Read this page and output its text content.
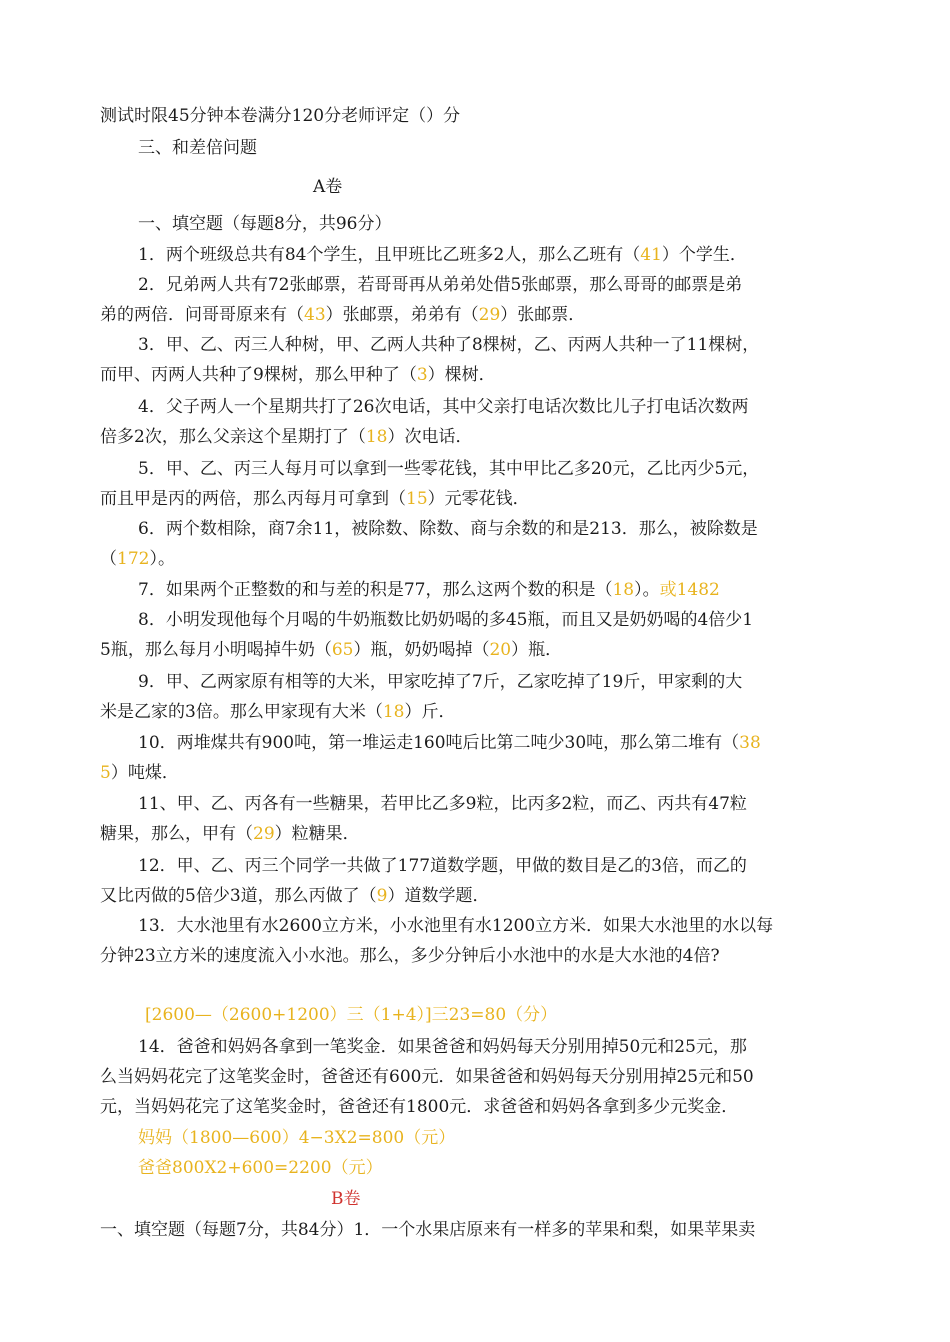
测试时限45分钟本卷满分120分老师评定（）分
三、和差倍问题
A卷
一、填空题（每题8分，共96分）
1．两个班级总共有84个学生，且甲班比乙班多2人，那么乙班有（41）个学生．
2．兄弟两人共有72张邮票，若哥哥再从弟弟处借5张邮票，那么哥哥的邮票是弟
弟的两倍．问哥哥原来有（43）张邮票，弟弟有（29）张邮票．
3．甲、乙、丙三人种树，甲、乙两人共种了8棵树，乙、丙两人共种一了11棵树，
而甲、丙两人共种了9棵树，那么甲种了（3）棵树．
4．父子两人一个星期共打了26次电话，其中父亲打电话次数比儿子打电话次数两
倍多2次，那么父亲这个星期打了（18）次电话．
5．甲、乙、丙三人每月可以拿到一些零花钱，其中甲比乙多20元，乙比丙少5元，
而且甲是丙的两倍，那么丙每月可拿到（15）元零花钱．
6．两个数相除，商7余11，被除数、除数、商与余数的和是213．那么，被除数是
（172）。
7．如果两个正整数的和与差的积是77，那么这两个数的积是（18）。或1482
8．小明发现他每个月喝的牛奶瓶数比奶奶喝的多45瓶，而且又是奶奶喝的4倍少1
5瓶，那么每月小明喝掉牛奶（65）瓶，奶奶喝掉（20）瓶．
9．甲、乙两家原有相等的大米，甲家吃掉了7斤，乙家吃掉了19斤，甲家剩的大
米是乙家的3倍。那么甲家现有大米（18）斤．
10．两堆煤共有900吨，第一堆运走160吨后比第二吨少30吨，那么第二堆有（38
5）吨煤．
11、甲、乙、丙各有一些糖果，若甲比乙多9粒，比丙多2粒，而乙、丙共有47粒
糖果，那么，甲有（29）粒糖果．
12．甲、乙、丙三个同学一共做了177道数学题，甲做的数目是乙的3倍，而乙的
又比丙做的5倍少3道，那么丙做了（9）道数学题．
13．大水池里有水2600立方米，小水池里有水1200立方米．如果大水池里的水以每
分钟23立方米的速度流入小水池。那么，多少分钟后小水池中的水是大水池的4倍?
[2600—（2600+1200）三（1+4）]三23=80（分）
14．爸爸和妈妈各拿到一笔奖金．如果爸爸和妈妈每天分别用掉50元和25元，那
么当妈妈花完了这笔奖金时，爸爸还有600元．如果爸爸和妈妈每天分别用掉25元和50
元，当妈妈花完了这笔奖金时，爸爸还有1800元．求爸爸和妈妈各拿到多少元奖金．
妈妈（1800—600）4−3X2=800（元）
爸爸800X2+600=2200（元）
B卷
一、填空题（每题7分，共84分）1．一个水果店原来有一样多的苹果和梨，如果苹果卖
